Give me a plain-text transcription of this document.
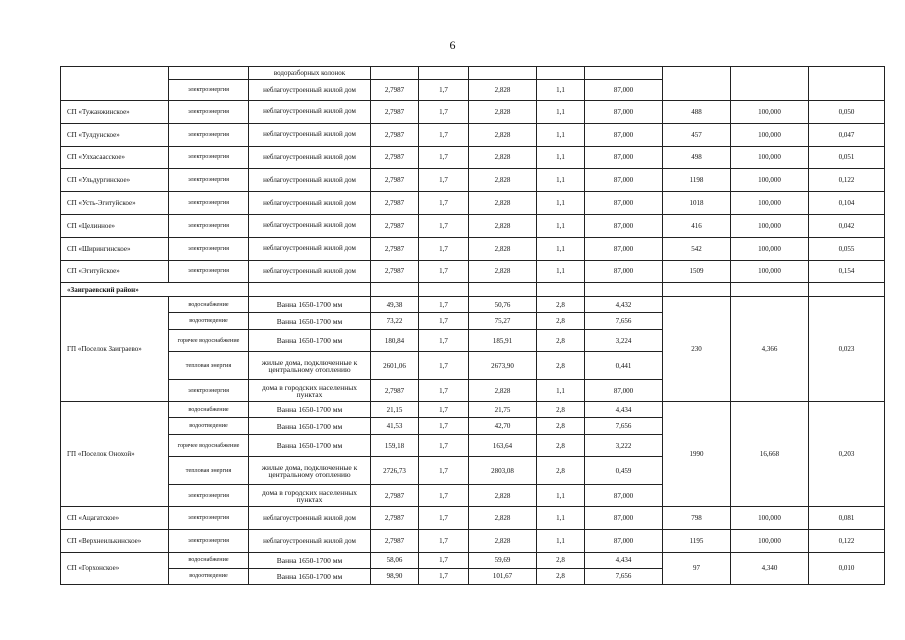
6
		водоразборных колонок								
	электроэнергия	неблагоустроенный жилой дом	2,7987	1,7	2,828	1,1	87,000			
СП «Тужанжинское»	электроэнергия	неблагоустроенный жилой дом	2,7987	1,7	2,828	1,1	87,000	488	100,000	0,050
СП «Тулдунское»	электроэнергия	неблагоустроенный жилой дом	2,7987	1,7	2,828	1,1	87,000	457	100,000	0,047
СП «Улхасаасское»	электроэнергия	неблагоустроенный жилой дом	2,7987	1,7	2,828	1,1	87,000	498	100,000	0,051
СП «Ульдургинское»	электроэнергия	неблагоустроенный жилой дом	2,7987	1,7	2,828	1,1	87,000	1198	100,000	0,122
СП «Усть-Эгитуйское»	электроэнергия	неблагоустроенный жилой дом	2,7987	1,7	2,828	1,1	87,000	1018	100,000	0,104
СП «Целинное»	электроэнергия	неблагоустроенный жилой дом	2,7987	1,7	2,828	1,1	87,000	416	100,000	0,042
СП «Ширингинское»	электроэнергия	неблагоустроенный жилой дом	2,7987	1,7	2,828	1,1	87,000	542	100,000	0,055
СП «Эгитуйское»	электроэнергия	неблагоустроенный жилой дом	2,7987	1,7	2,828	1,1	87,000	1509	100,000	0,154
«Заиграевский район»										
ГП «Поселок Заиграево»	водоснабжение	Ванна 1650-1700 мм	49,38	1,7	50,76	2,8	4,432	230	4,366	0,023
	водоотведение	Ванна 1650-1700 мм	73,22	1,7	75,27	2,8	7,656			
	горячее водоснабжение	Ванна 1650-1700 мм	180,84	1,7	185,91	2,8	3,224			
	тепловая энергия	жилые дома, подключенные к центральному отоплению	2601,06	1,7	2673,90	2,8	0,441			
	электроэнергия	дома в городских населенных пунктах	2,7987	1,7	2,828	1,1	87,000			
ГП «Поселок Онохой»	водоснабжение	Ванна 1650-1700 мм	21,15	1,7	21,75	2,8	4,434	1990	16,668	0,203
	водоотведение	Ванна 1650-1700 мм	41,53	1,7	42,70	2,8	7,656			
	горячее водоснабжение	Ванна 1650-1700 мм	159,18	1,7	163,64	2,8	3,222			
	тепловая энергия	жилые дома, подключенные к центральному отоплению	2726,73	1,7	2803,08	2,8	0,459			
	электроэнергия	дома в городских населенных пунктах	2,7987	1,7	2,828	1,1	87,000			
СП «Ацагатское»	электроэнергия	неблагоустроенный жилой дом	2,7987	1,7	2,828	1,1	87,000	798	100,000	0,081
СП «Верхнеилькинское»	электроэнергия	неблагоустроенный жилой дом	2,7987	1,7	2,828	1,1	87,000	1195	100,000	0,122
СП «Горхонское»	водоснабжение	Ванна 1650-1700 мм	58,06	1,7	59,69	2,8	4,434	97	4,340	0,010
	водоотведение	Ванна 1650-1700 мм	98,90	1,7	101,67	2,8	7,656			
